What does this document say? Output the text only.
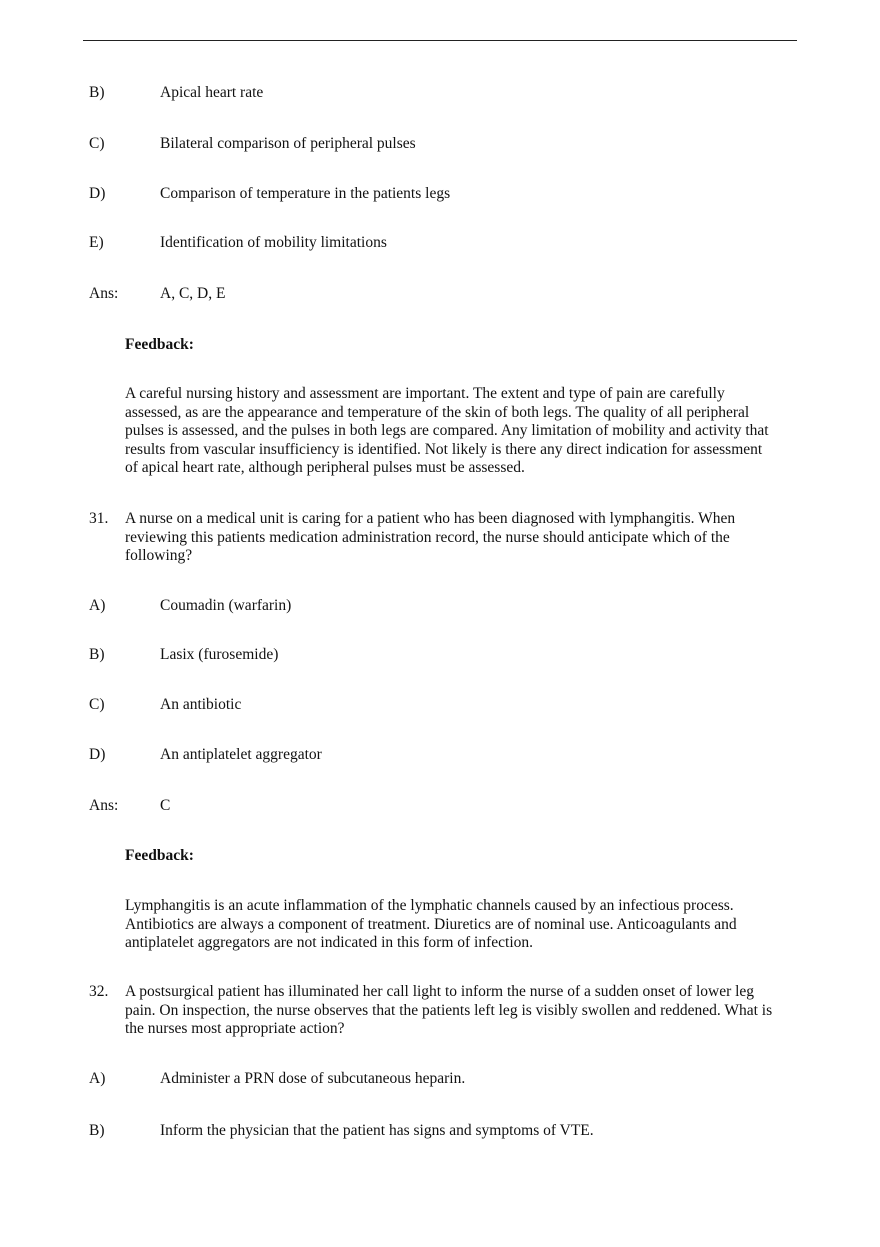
B)	Apical heart rate
C)	Bilateral comparison of peripheral pulses
D)	Comparison of temperature in the patients legs
E)	Identification of mobility limitations
Ans:	A, C, D, E
Feedback:
A careful nursing history and assessment are important. The extent and type of pain are carefully
assessed, as are the appearance and temperature of the skin of both legs. The quality of all peripheral
pulses is assessed, and the pulses in both legs are compared. Any limitation of mobility and activity that
results from vascular insufficiency is identified. Not likely is there any direct indication for assessment
of apical heart rate, although peripheral pulses must be assessed.
31. A nurse on a medical unit is caring for a patient who has been diagnosed with lymphangitis. When
reviewing this patients medication administration record, the nurse should anticipate which of the
following?
A)	Coumadin (warfarin)
B)	Lasix (furosemide)
C)	An antibiotic
D)	An antiplatelet aggregator
Ans:	C
Feedback:
Lymphangitis is an acute inflammation of the lymphatic channels caused by an infectious process.
Antibiotics are always a component of treatment. Diuretics are of nominal use. Anticoagulants and
antiplatelet aggregators are not indicated in this form of infection.
32. A postsurgical patient has illuminated her call light to inform the nurse of a sudden onset of lower leg
pain. On inspection, the nurse observes that the patients left leg is visibly swollen and reddened. What is
the nurses most appropriate action?
A)	Administer a PRN dose of subcutaneous heparin.
B)	Inform the physician that the patient has signs and symptoms of VTE.
